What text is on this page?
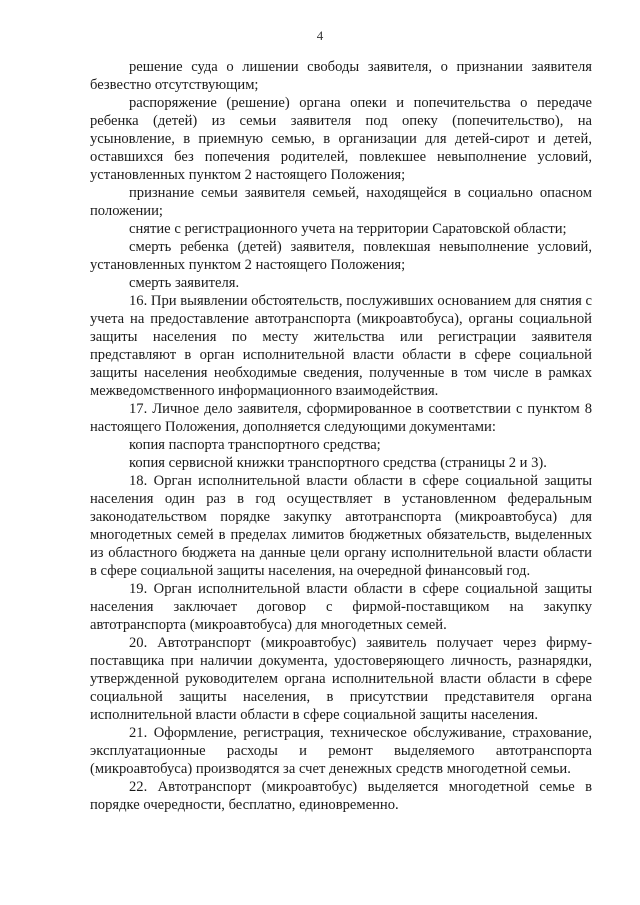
4

решение суда о лишении свободы заявителя, о признании заявителя безвестно отсутствующим;

распоряжение (решение) органа опеки и попечительства о передаче ребенка (детей) из семьи заявителя под опеку (попечительство), на усыновление, в приемную семью, в организации для детей-сирот и детей, оставшихся без попечения родителей, повлекшее невыполнение условий, установленных пунктом 2 настоящего Положения;

признание семьи заявителя семьей, находящейся в социально опасном положении;

снятие с регистрационного учета на территории Саратовской области;

смерть ребенка (детей) заявителя, повлекшая невыполнение условий, установленных пунктом 2 настоящего Положения;

смерть заявителя.

16. При выявлении обстоятельств, послуживших основанием для снятия с учета на предоставление автотранспорта (микроавтобуса), органы социальной защиты населения по месту жительства или регистрации заявителя представляют в орган исполнительной власти области в сфере социальной защиты населения необходимые сведения, полученные в том числе в рамках межведомственного информационного взаимодействия.

17. Личное дело заявителя, сформированное в соответствии с пунктом 8 настоящего Положения, дополняется следующими документами:

копия паспорта транспортного средства;

копия сервисной книжки транспортного средства (страницы 2 и 3).

18. Орган исполнительной власти области в сфере социальной защиты населения один раз в год осуществляет в установленном федеральным законодательством порядке закупку автотранспорта (микроавтобуса) для многодетных семей в пределах лимитов бюджетных обязательств, выделенных из областного бюджета на данные цели органу исполнительной власти области в сфере социальной защиты населения, на очередной финансовый год.

19. Орган исполнительной власти области в сфере социальной защиты населения заключает договор с фирмой-поставщиком на закупку автотранспорта (микроавтобуса) для многодетных семей.

20. Автотранспорт (микроавтобус) заявитель получает через фирму-поставщика при наличии документа, удостоверяющего личность, разнарядки, утвержденной руководителем органа исполнительной власти области в сфере социальной защиты населения, в присутствии представителя органа исполнительной власти области в сфере социальной защиты населения.

21. Оформление, регистрация, техническое обслуживание, страхование, эксплуатационные расходы и ремонт выделяемого автотранспорта (микроавтобуса) производятся за счет денежных средств многодетной семьи.

22. Автотранспорт (микроавтобус) выделяется многодетной семье в порядке очередности, бесплатно, единовременно.
